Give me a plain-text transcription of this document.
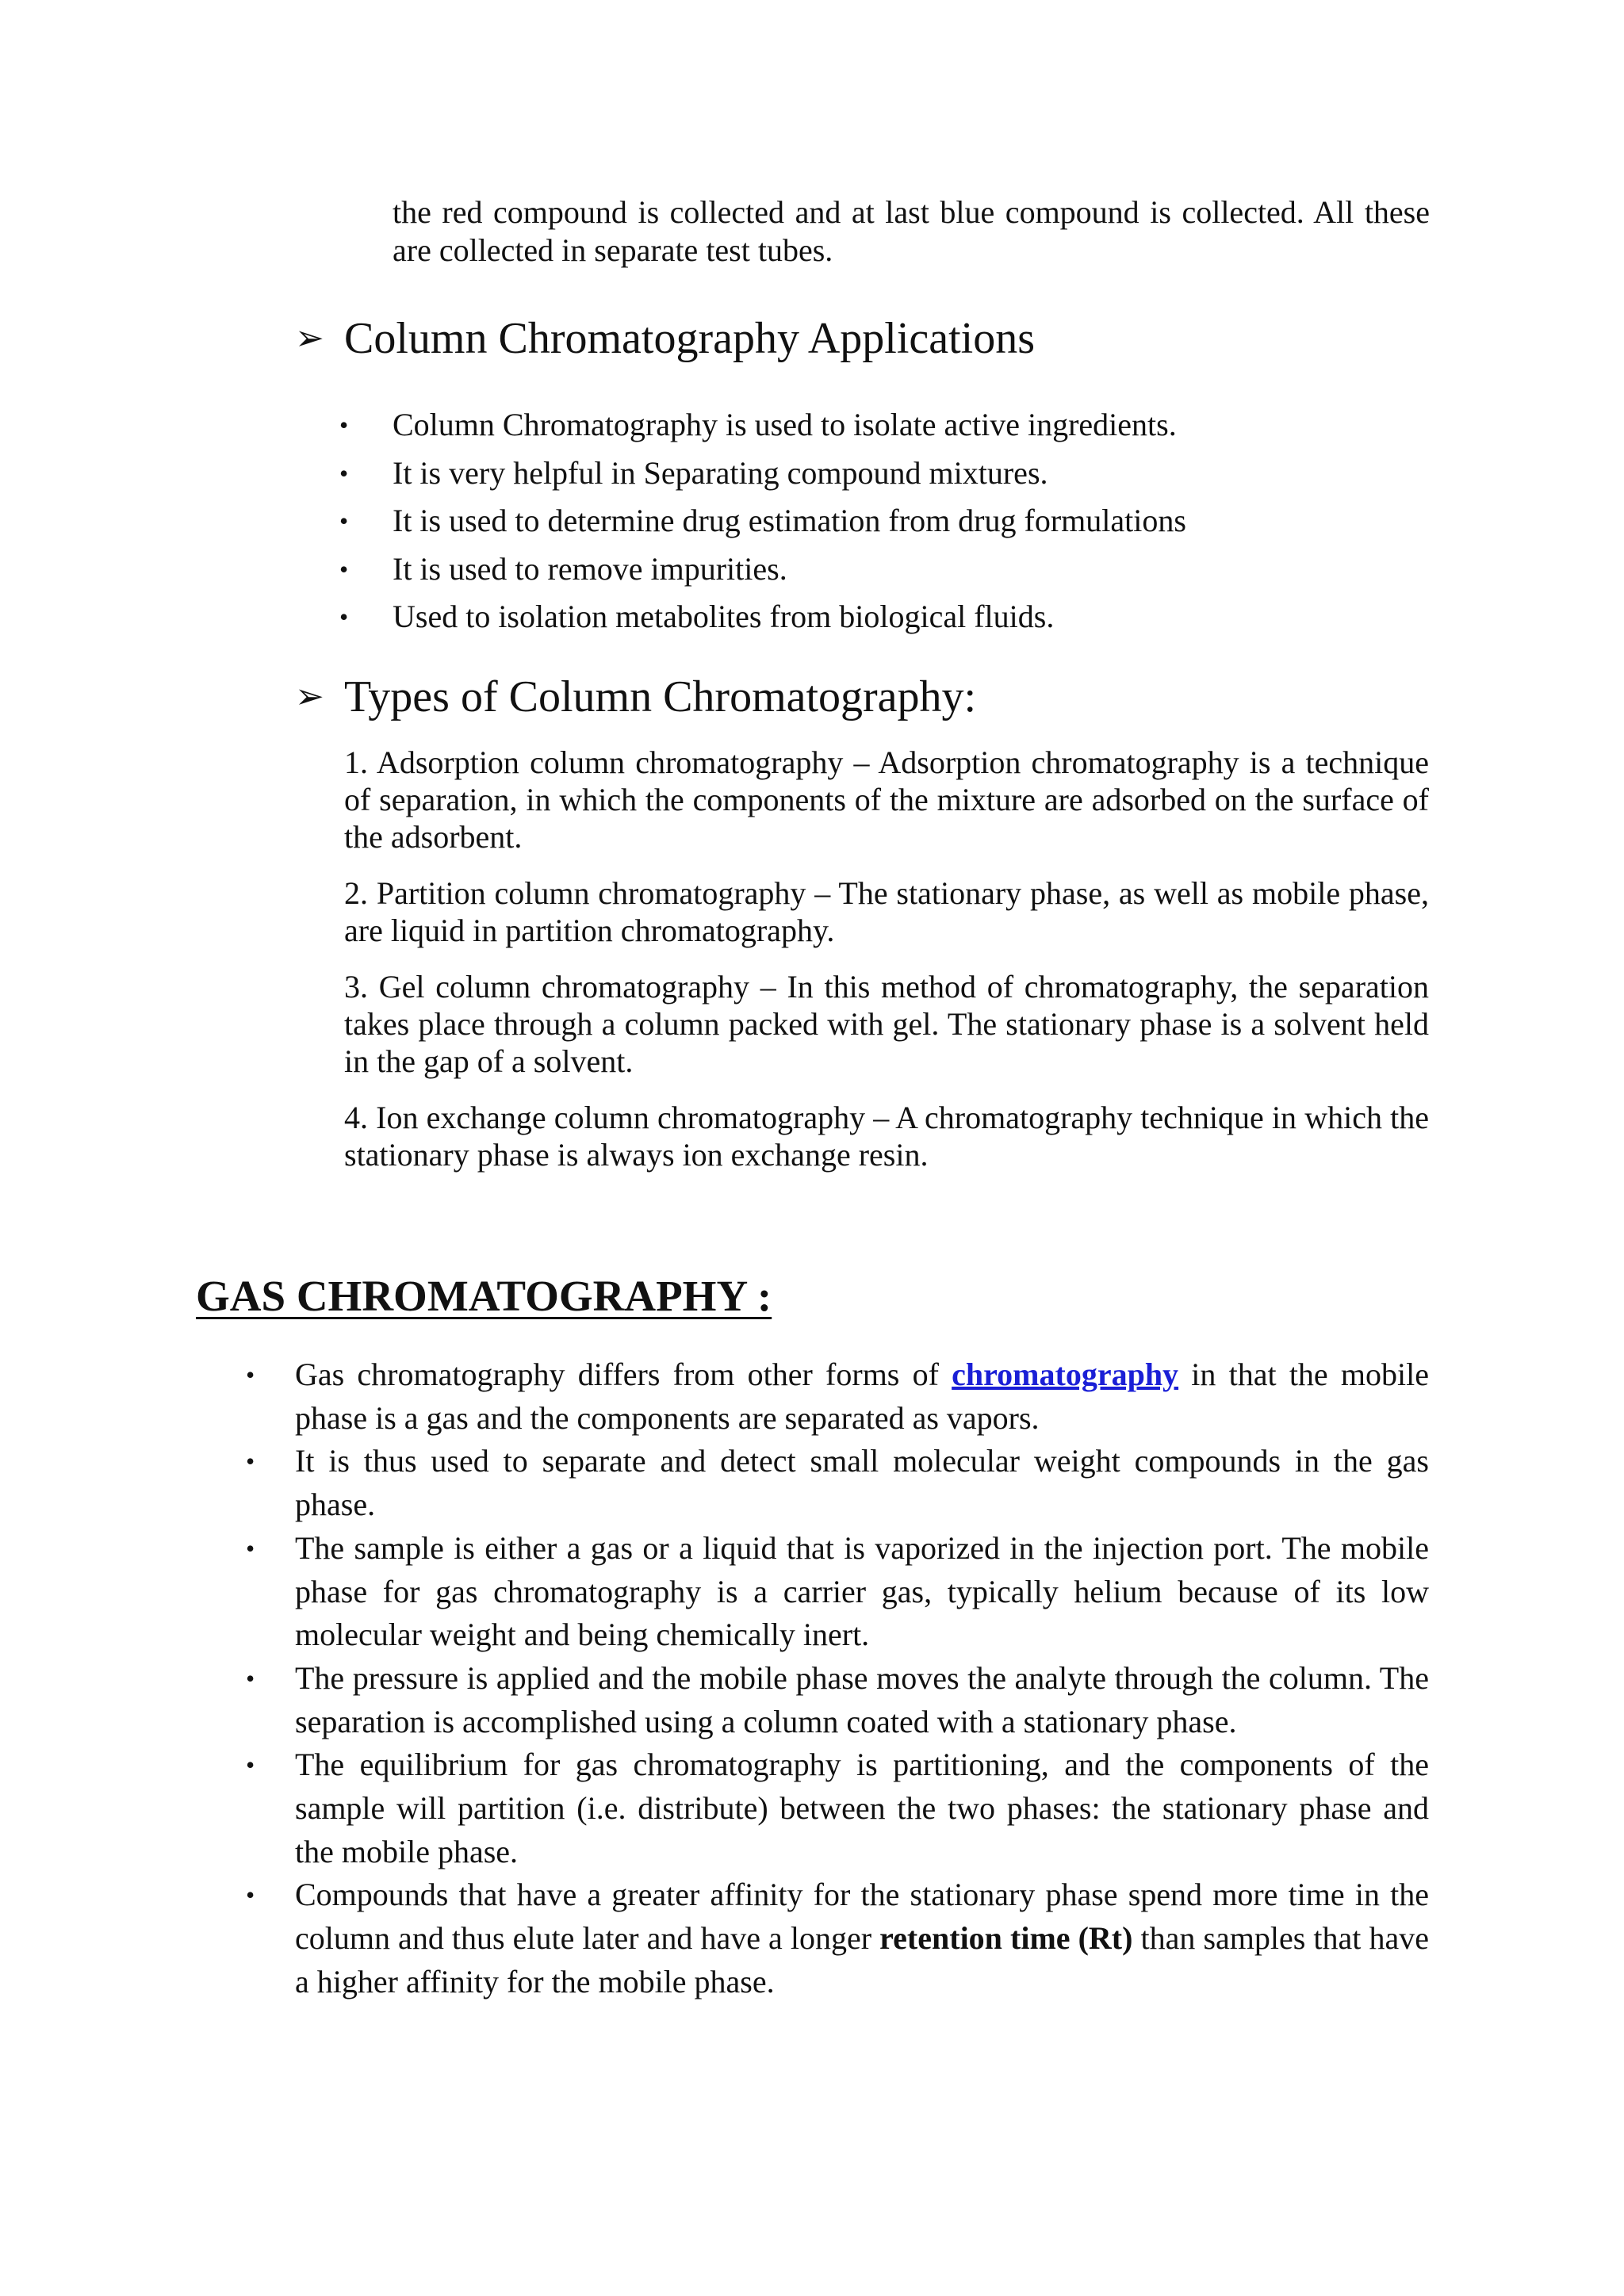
the red compound is collected and at last blue compound is collected. All these are collected in separate test tubes.

➢ Column Chromatography Applications
• Column Chromatography is used to isolate active ingredients.
• It is very helpful in Separating compound mixtures.
• It is used to determine drug estimation from drug formulations
• It is used to remove impurities.
• Used to isolation metabolites from biological fluids.
➢ Types of Column Chromatography:

1. Adsorption column chromatography – Adsorption chromatography is a technique of separation, in which the components of the mixture are adsorbed on the surface of the adsorbent.

2. Partition column chromatography – The stationary phase, as well as mobile phase, are liquid in partition chromatography.

3. Gel column chromatography – In this method of chromatography, the separation takes place through a column packed with gel. The stationary phase is a solvent held in the gap of a solvent.

4. Ion exchange column chromatography – A chromatography technique in which the stationary phase is always ion exchange resin.

GAS CHROMATOGRAPHY :
• Gas chromatography differs from other forms of chromatography in that the mobile phase is a gas and the components are separated as vapors.
• It is thus used to separate and detect small molecular weight compounds in the gas phase.
• The sample is either a gas or a liquid that is vaporized in the injection port. The mobile phase for gas chromatography is a carrier gas, typically helium because of its low molecular weight and being chemically inert.
• The pressure is applied and the mobile phase moves the analyte through the column. The separation is accomplished using a column coated with a stationary phase.
• The equilibrium for gas chromatography is partitioning, and the components of the sample will partition (i.e. distribute) between the two phases: the stationary phase and the mobile phase.
• Compounds that have a greater affinity for the stationary phase spend more time in the column and thus elute later and have a longer retention time (Rt) than samples that have a higher affinity for the mobile phase.
